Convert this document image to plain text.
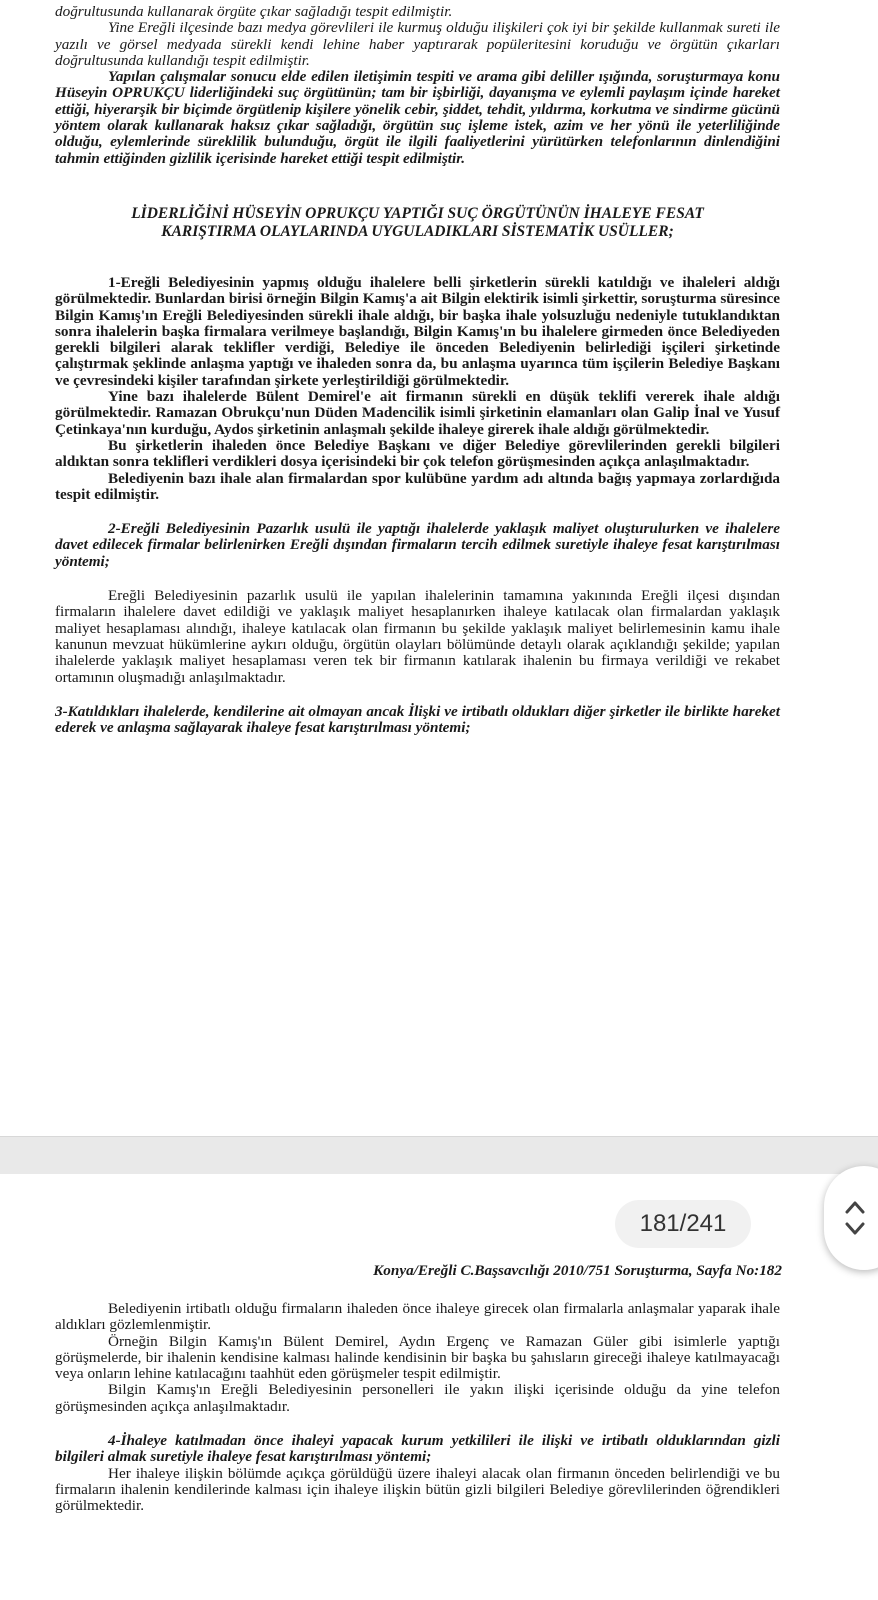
doğrultusunda kullanarak örgüte çıkar sağladığı tespit edilmiştir.

Yine Ereğli ilçesinde bazı medya görevlileri ile kurmuş olduğu ilişkileri çok iyi bir şekilde kullanmak sureti ile yazılı ve görsel medyada sürekli kendi lehine haber yaptırarak popüleritesini koruduğu ve örgütün çıkarları doğrultusunda kullandığı tespit edilmiştir.

Yapılan çalışmalar sonucu elde edilen iletişimin tespiti ve arama gibi deliller ışığında, soruşturmaya konu Hüseyin OPRUKÇU liderliğindeki suç örgütünün; tam bir işbirliği, dayanışma ve eylemli paylaşım içinde hareket ettiği, hiyerarşik bir biçimde örgütlenip kişilere yönelik cebir, şiddet, tehdit, yıldırma, korkutma ve sindirme gücünü yöntem olarak kullanarak haksız çıkar sağladığı, örgütün suç işleme istek, azim ve her yönü ile yeterliliğinde olduğu, eylemlerinde süreklilik bulunduğu, örgüt ile ilgili faaliyetlerini yürütürken telefonlarının dinlendiğini tahmin ettiğinden gizlilik içerisinde hareket ettiği tespit edilmiştir.

LİDERLİĞİNİ HÜSEYİN OPRUKÇU YAPTIĞI SUÇ ÖRGÜTÜNÜN İHALEYE FESAT
KARIŞTIRMA OLAYLARINDA UYGULADIKLARI SİSTEMATİK USÜLLER;

1-Ereğli Belediyesinin yapmış olduğu ihalelere belli şirketlerin sürekli katıldığı ve ihaleleri aldığı görülmektedir. Bunlardan birisi örneğin Bilgin Kamış'a ait Bilgin elektirik isimli şirkettir, soruşturma süresince Bilgin Kamış'ın Ereğli Belediyesinden sürekli ihale aldığı, bir başka ihale yolsuzluğu nedeniyle tutuklandıktan sonra ihalelerin başka firmalara verilmeye başlandığı, Bilgin Kamış'ın bu ihalelere girmeden önce Belediyeden gerekli bilgileri alarak teklifler verdiği, Belediye ile önceden Belediyenin belirlediği işçileri şirketinde çalıştırmak şeklinde anlaşma yaptığı ve ihaleden sonra da, bu anlaşma uyarınca tüm işçilerin Belediye Başkanı ve çevresindeki kişiler tarafından şirkete yerleştirildiği görülmektedir.

Yine bazı ihalelerde Bülent Demirel'e ait firmanın sürekli en düşük teklifi vererek ihale aldığı görülmektedir. Ramazan Obrukçu'nun Düden Madencilik isimli şirketinin elamanları olan Galip İnal ve Yusuf Çetinkaya'nın kurduğu, Aydos şirketinin anlaşmalı şekilde ihaleye girerek ihale aldığı görülmektedir.

Bu şirketlerin ihaleden önce Belediye Başkanı ve diğer Belediye görevlilerinden gerekli bilgileri aldıktan sonra teklifleri verdikleri dosya içerisindeki bir çok telefon görüşmesinden açıkça anlaşılmaktadır.

Belediyenin bazı ihale alan firmalardan spor kulübüne yardım adı altında bağış yapmaya zorlardığıda tespit edilmiştir.

2-Ereğli Belediyesinin Pazarlık usulü ile yaptığı ihalelerde yaklaşık maliyet oluşturulurken ve ihalelere davet edilecek firmalar belirlenirken Ereğli dışından firmaların tercih edilmek suretiyle ihaleye fesat karıştırılması yöntemi;

Ereğli Belediyesinin pazarlık usulü ile yapılan ihalelerinin tamamına yakınında Ereğli ilçesi dışından firmaların ihalelere davet edildiği ve yaklaşık maliyet hesaplanırken ihaleye katılacak olan firmalardan yaklaşık maliyet hesaplaması alındığı, ihaleye katılacak olan firmanın bu şekilde yaklaşık maliyet belirlemesinin kamu ihale kanunun mevzuat hükümlerine aykırı olduğu, örgütün olayları bölümünde detaylı olarak açıklandığı şekilde; yapılan ihalelerde yaklaşık maliyet hesaplaması veren tek bir firmanın katılarak ihalenin bu firmaya verildiği ve rekabet ortamının oluşmadığı anlaşılmaktadır.

3-Katıldıkları ihalelerde, kendilerine ait olmayan ancak İlişki ve irtibatlı oldukları diğer şirketler ile birlikte hareket ederek ve anlaşma sağlayarak ihaleye fesat karıştırılması yöntemi;

181/241
Konya/Ereğli C.Başsavcılığı 2010/751 Soruşturma, Sayfa No:182

Belediyenin irtibatlı olduğu firmaların ihaleden önce ihaleye girecek olan firmalarla anlaşmalar yaparak ihale aldıkları gözlemlenmiştir.

Örneğin Bilgin Kamış'ın Bülent Demirel, Aydın Ergenç ve Ramazan Güler gibi isimlerle yaptığı görüşmelerde, bir ihalenin kendisine kalması halinde kendisinin bir başka bu şahısların gireceği ihaleye katılmayacağı veya onların lehine katılacağını taahhüt eden görüşmeler tespit edilmiştir.

Bilgin Kamış'ın Ereğli Belediyesinin personelleri ile yakın ilişki içerisinde olduğu da yine telefon görüşmesinden açıkça anlaşılmaktadır.

4-İhaleye katılmadan önce ihaleyi yapacak kurum yetkilileri ile ilişki ve irtibatlı olduklarından gizli bilgileri almak suretiyle ihaleye fesat karıştırılması yöntemi;

Her ihaleye ilişkin bölümde açıkça görüldüğü üzere ihaleyi alacak olan firmanın önceden belirlendiği ve bu firmaların ihalenin kendilerinde kalması için ihaleye ilişkin bütün gizli bilgileri Belediye görevlilerinden öğrendikleri görülmektedir.
